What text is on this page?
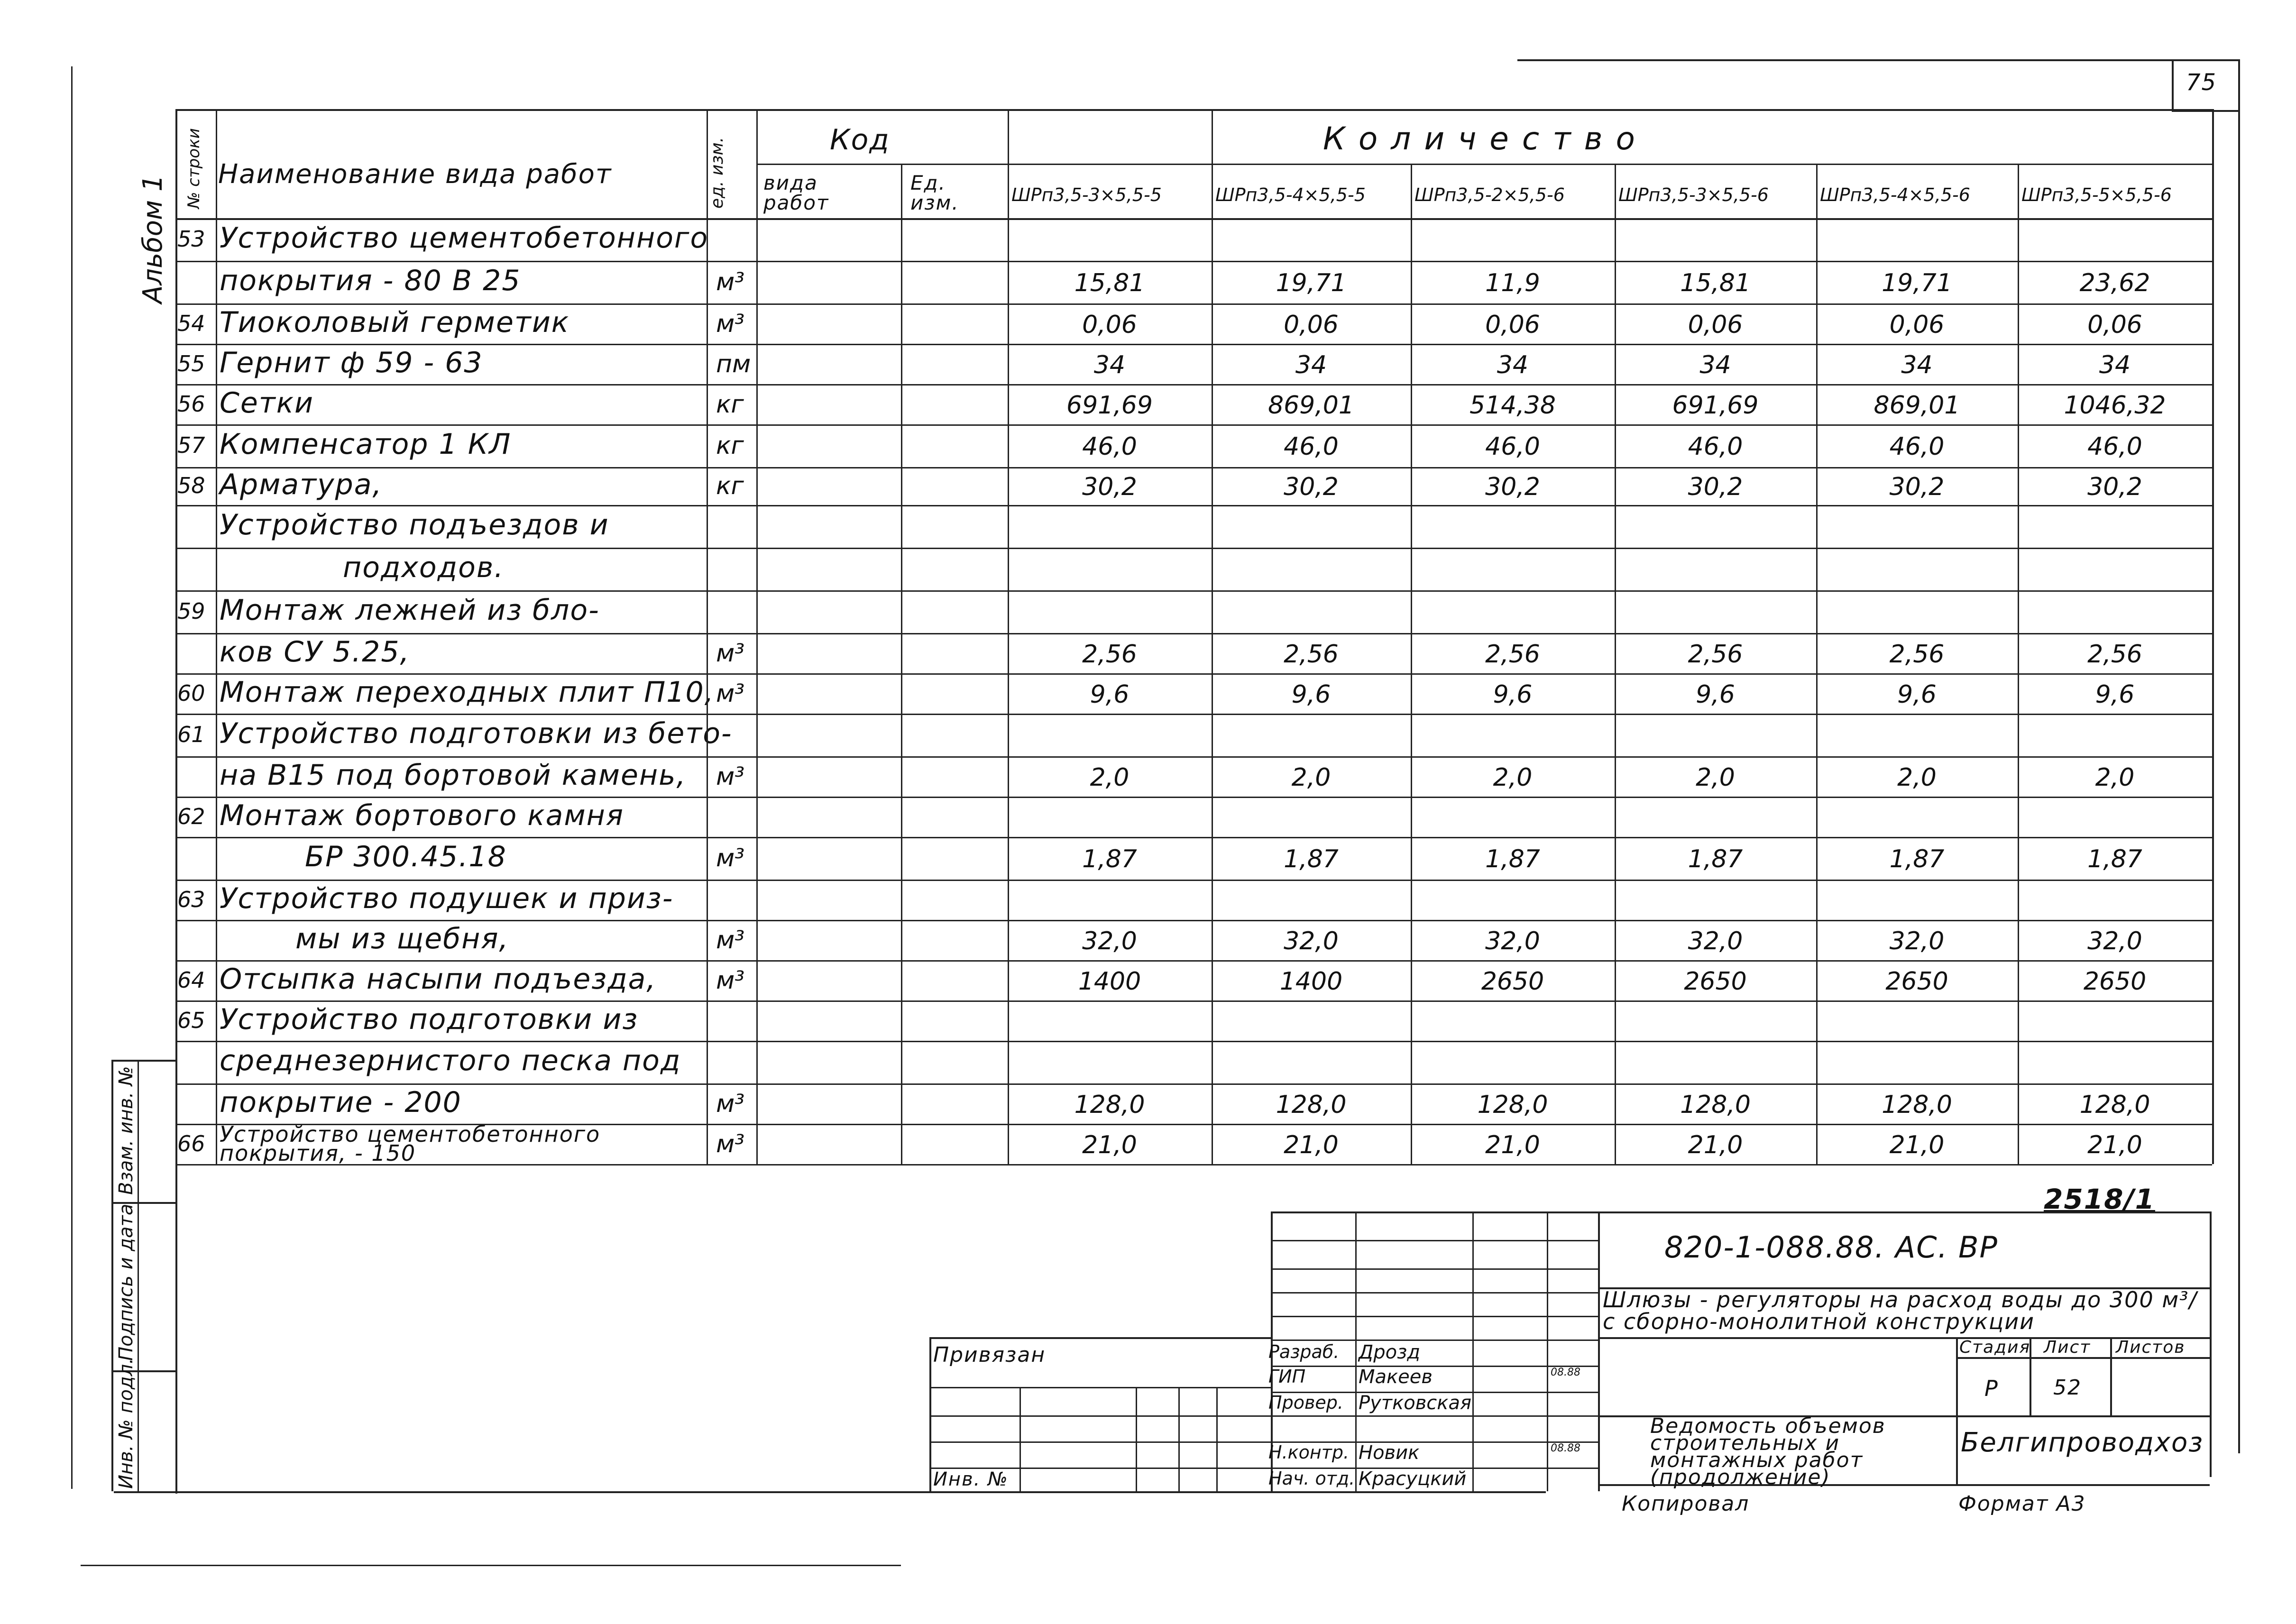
75
Альбом 1
№ строки Наименование вида работ	ед. изм.	Код
вида работ
Ед. изм.
Количество
ШРп3,5-3×5,5-5	ШРп3,5-4×5,5-5	ШРп3,5-2×5,5-6	ШРп3,5-3×5,5-6	ШРп3,5-4×5,5-6	ШРп3,5-5×5,5-6
53 Устройство цементобетонного
покрытия - 80 В 25	м³	15,81	19,71	11,9	15,81	19,71	23,62
54 Тиоколовый герметик	м³	0,06	0,06	0,06	0,06	0,06	0,06
55 Гернит ф 59 - 63	пм	34	34	34	34	34	34
56 Сетки	кг	691,69	869,01	514,38	691,69	869,01	1046,32
57 Компенсатор 1 КЛ	кг	46,0	46,0	46,0	46,0	46,0	46,0
58 Арматура,	кг	30,2	30,2	30,2	30,2	30,2	30,2
Устройство подъездов и
подходов.
59 Монтаж лежней из бло-
ков СУ 5.25,	м³	2,56	2,56	2,56	2,56	2,56	2,56
60 Монтаж переходных плит П10, м³	9,6	9,6	9,6	9,6	9,6	9,6
61 Устройство подготовки из бето-
на В15 под бортовой камень, м³	2,0	2,0	2,0	2,0	2,0	2,0
62 Монтаж бортового камня
БР 300.45.18	м³	1,87	1,87	1,87	1,87	1,87	1,87
63 Устройство подушек и приз-
мы из щебня,	м³	32,0	32,0	32,0	32,0	32,0	32,0
64 Отсыпка насыпи подъезда, м³	1400	1400	2650	2650	2650	2650
65 Устройство подготовки из
среднезернистого песка под
покрытие - 200	м³	128,0	128,0	128,0	128,0	128,0	128,0
66 Устройство цементобетонного покрытия, - 150	м³	21,0	21,0	21,0	21,0	21,0	21,0
Взам. инв. №
Подпись и дата
Инв. № подл.
2518/1
Разраб. Дрозд
ГИП	Макеев	08.88
Провер. Рутковская
Н.контр. Новик	08.88
Нач. отд. Красуцкий
Привязан
Инв. №
820-1-088.88. АС. ВР
Шлюзы - регуляторы на расход воды до 300 м³/с сборно-монолитной конструкции
Стадия Лист Листов
Р	52
Ведомость объемов строительных и монтажных работ (продолжение)
Белгипроводхоз
Копировал	Формат А3
